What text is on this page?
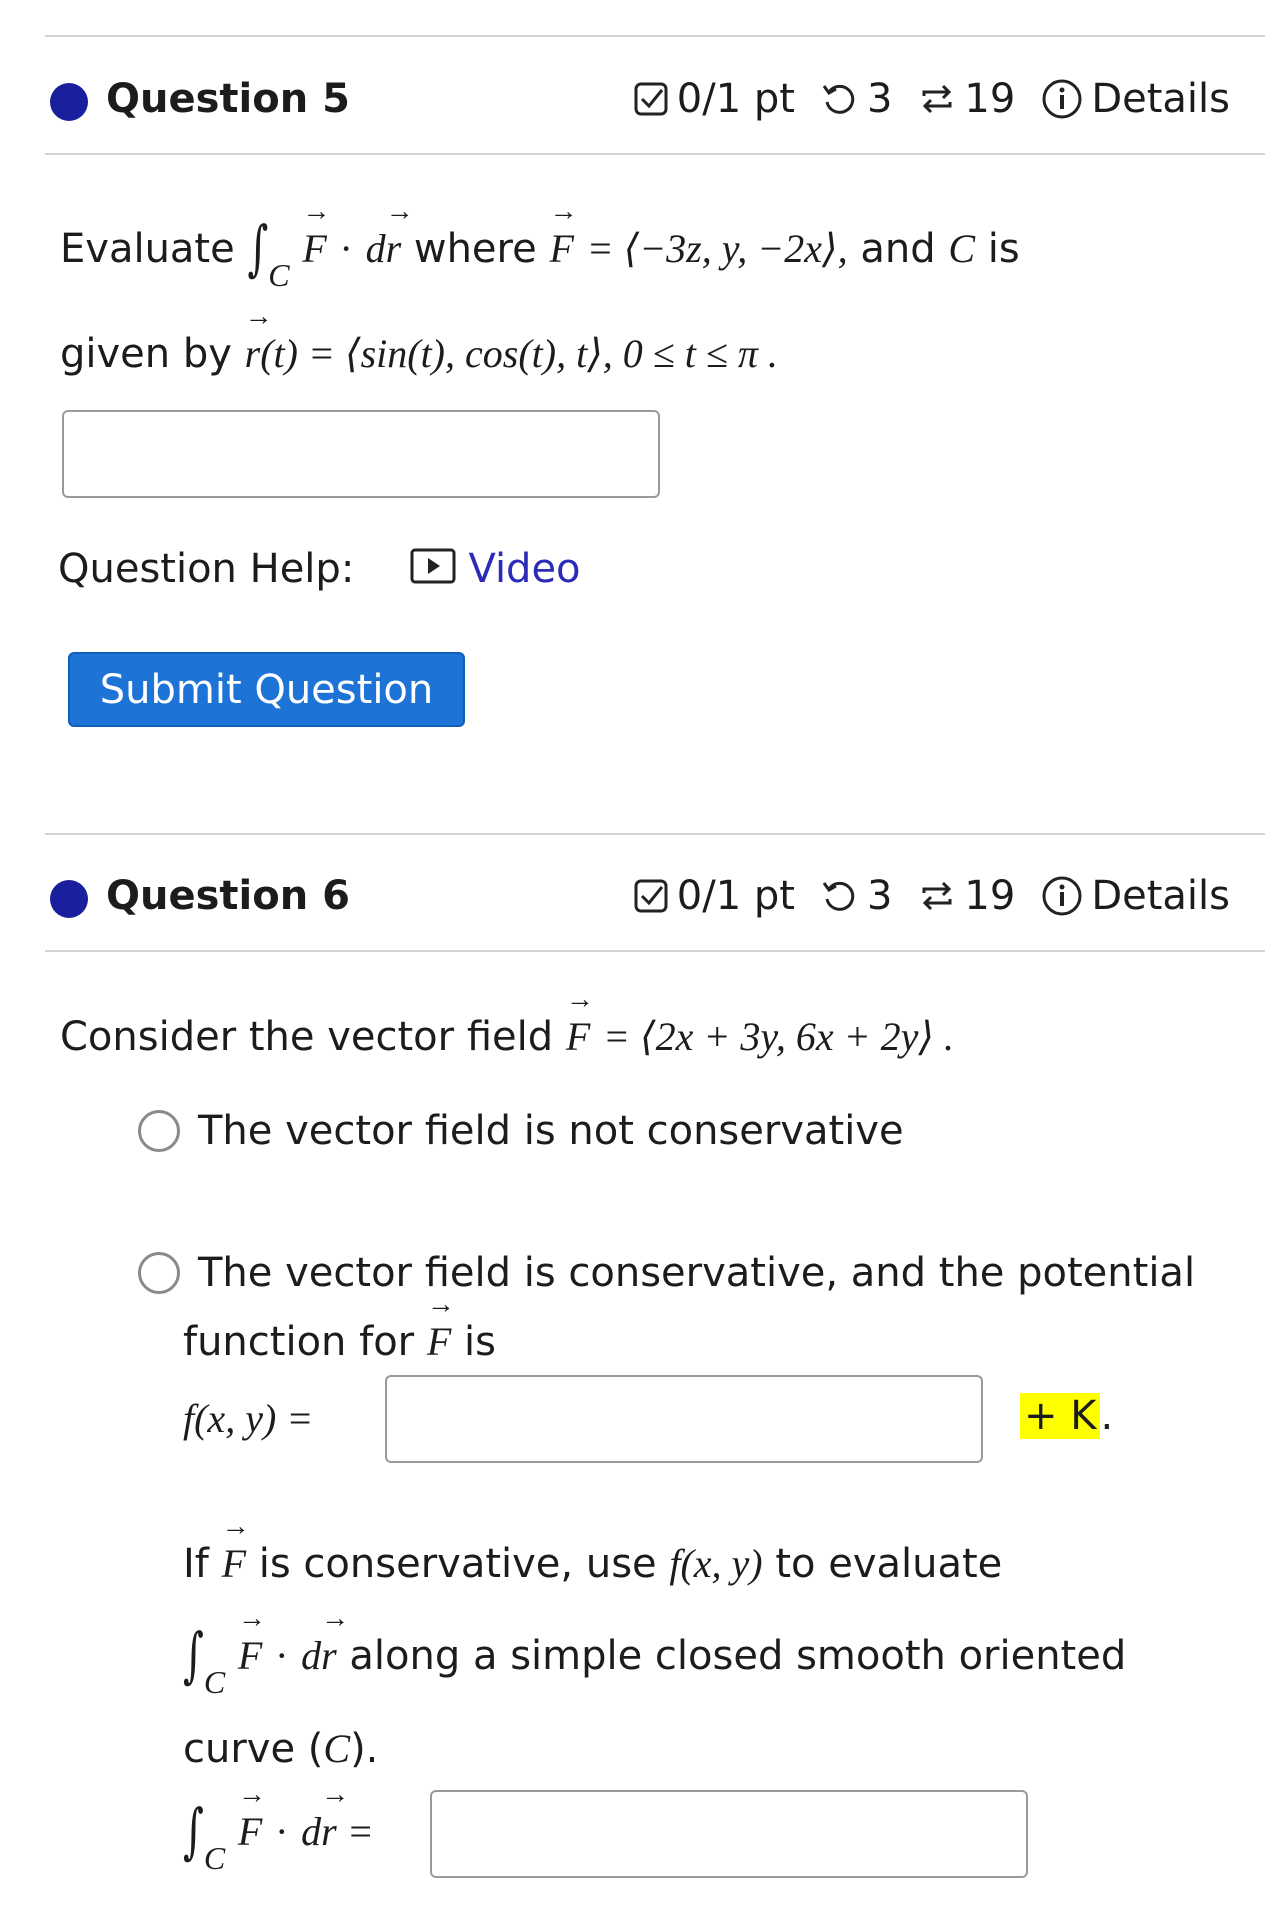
Question 5	0/1 pt 3 19 Details
Evaluate $\int_C \to F \cdot d\to r$ where → F = ⟨−3z, y, −2x⟩, and C is
given by → r(t) = ⟨sin(t), cos(t), t⟩, 0 ≤ t ≤ π .
Question Help:	Video
Submit Question
Question 6	0/1 pt 3 19 Details
Consider the vector field → F = ⟨2x + 3y, 6x + 2y⟩ .
The vector field is not conservative
The vector field is conservative, and the potential
function for → F is
f(x, y) =	+ K .
If → F is conservative, use f(x, y) to evaluate
$\int_C \to F \cdot d\to r$ along a simple closed smooth oriented
curve (C).
$\int_C \to F \cdot d\to r$ =
